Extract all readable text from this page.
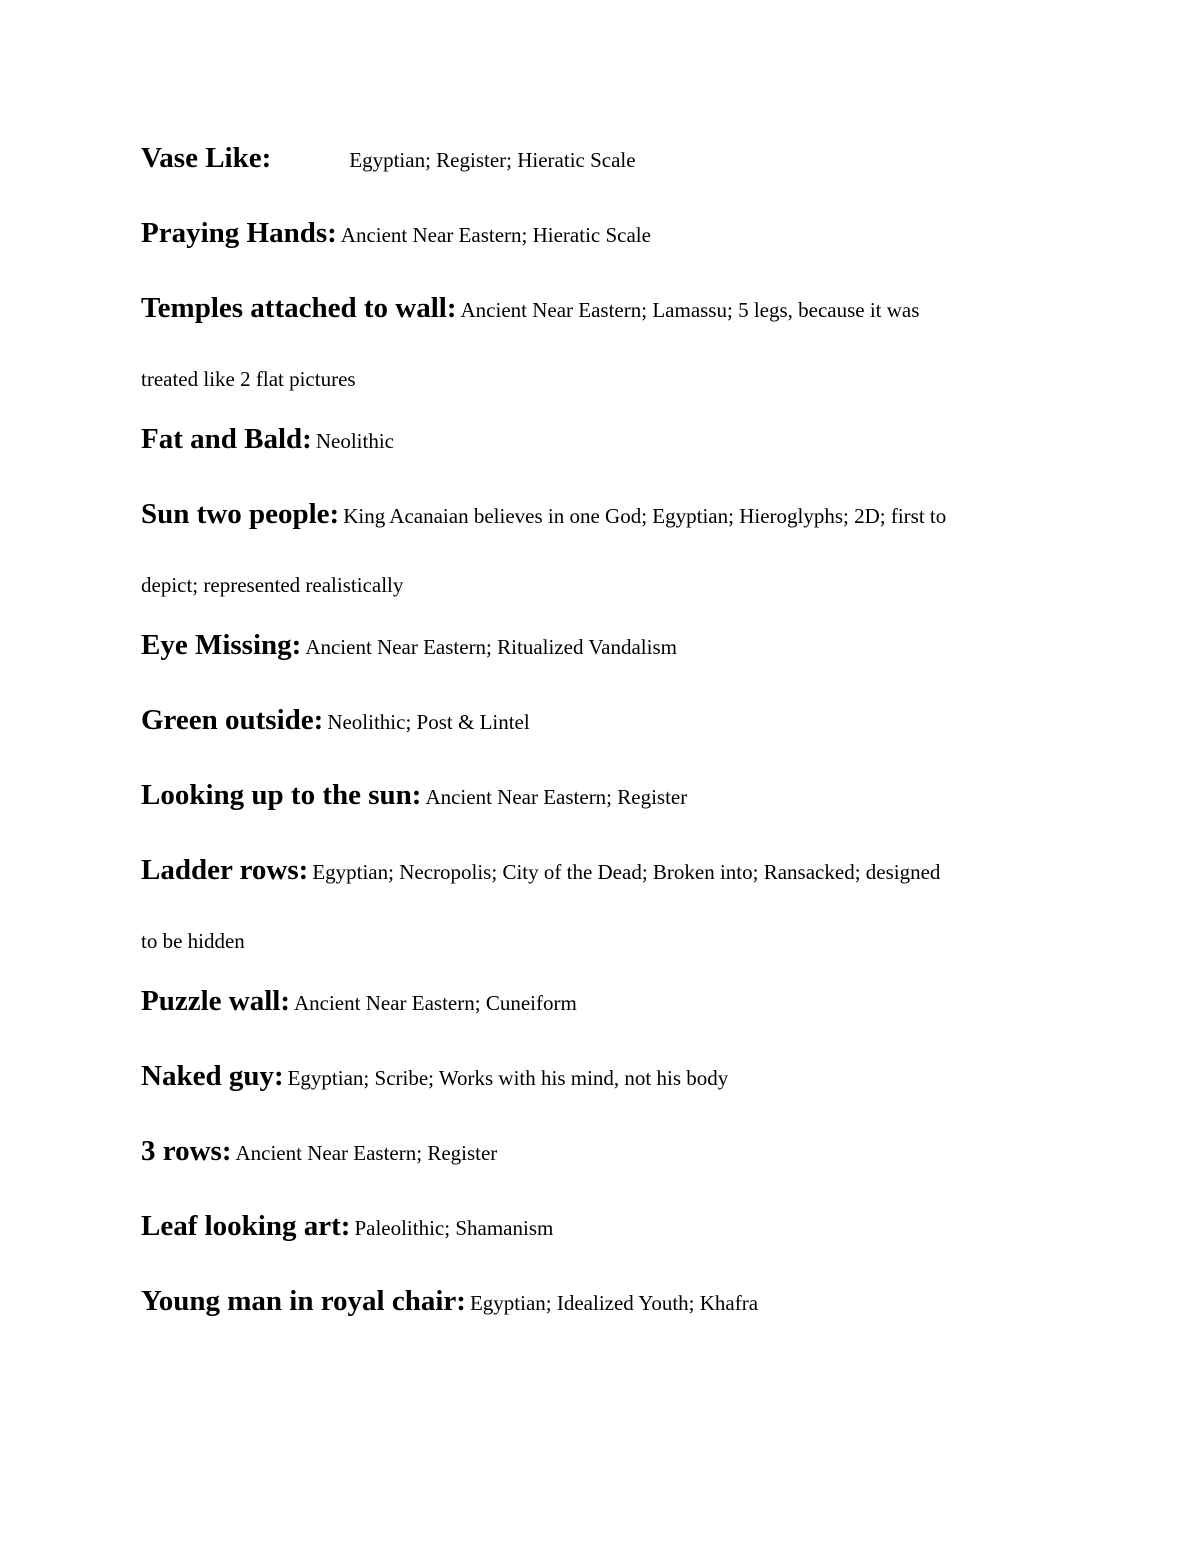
Vase Like:	Egyptian; Register; Hieratic Scale
Praying Hands: Ancient Near Eastern; Hieratic Scale
Temples attached to wall: Ancient Near Eastern; Lamassu; 5 legs, because it was
treated like 2 flat pictures
Fat and Bald: Neolithic
Sun two people: King Acanaian believes in one God; Egyptian; Hieroglyphs; 2D; first to
depict; represented realistically
Eye Missing: Ancient Near Eastern; Ritualized Vandalism
Green outside: Neolithic; Post & Lintel
Looking up to the sun: Ancient Near Eastern; Register
Ladder rows: Egyptian; Necropolis; City of the Dead; Broken into; Ransacked; designed
to be hidden
Puzzle wall: Ancient Near Eastern; Cuneiform
Naked guy: Egyptian; Scribe; Works with his mind, not his body
3 rows: Ancient Near Eastern; Register
Leaf looking art: Paleolithic; Shamanism
Young man in royal chair: Egyptian; Idealized Youth; Khafra
